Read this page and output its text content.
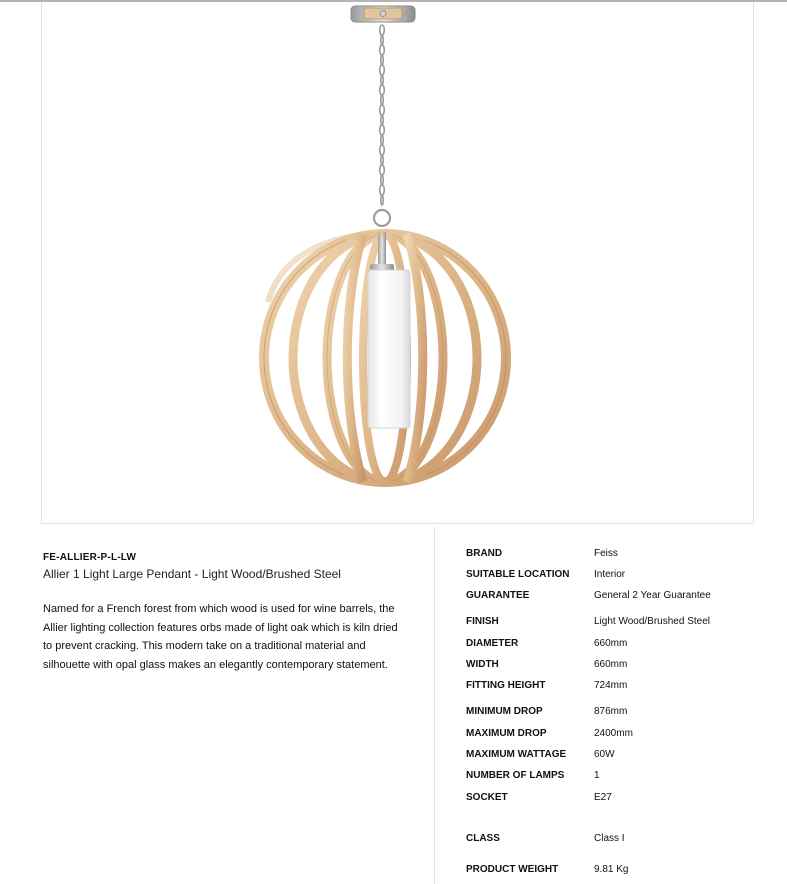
FE-ALLIER-P-L-LW
Allier 1 Light Large Pendant - Light Wood/Brushed Steel

Named for a French forest from which wood is used for wine barrels, the Allier lighting collection features orbs made of light oak which is kiln dried to prevent cracking. This modern take on a traditional material and silhouette with opal glass makes an elegantly contemporary statement.

BRAND	Feiss
SUITABLE LOCATION Interior
GUARANTEE	General 2 Year Guarantee
FINISH	Light Wood/Brushed Steel
DIAMETER	660mm
WIDTH	660mm
FITTING HEIGHT	724mm
MINIMUM DROP	876mm
MAXIMUM DROP	2400mm
MAXIMUM WATTAGE	60W
NUMBER OF LAMPS	1
SOCKET	E27
CLASS	Class I
PRODUCT WEIGHT	9.81 Kg
